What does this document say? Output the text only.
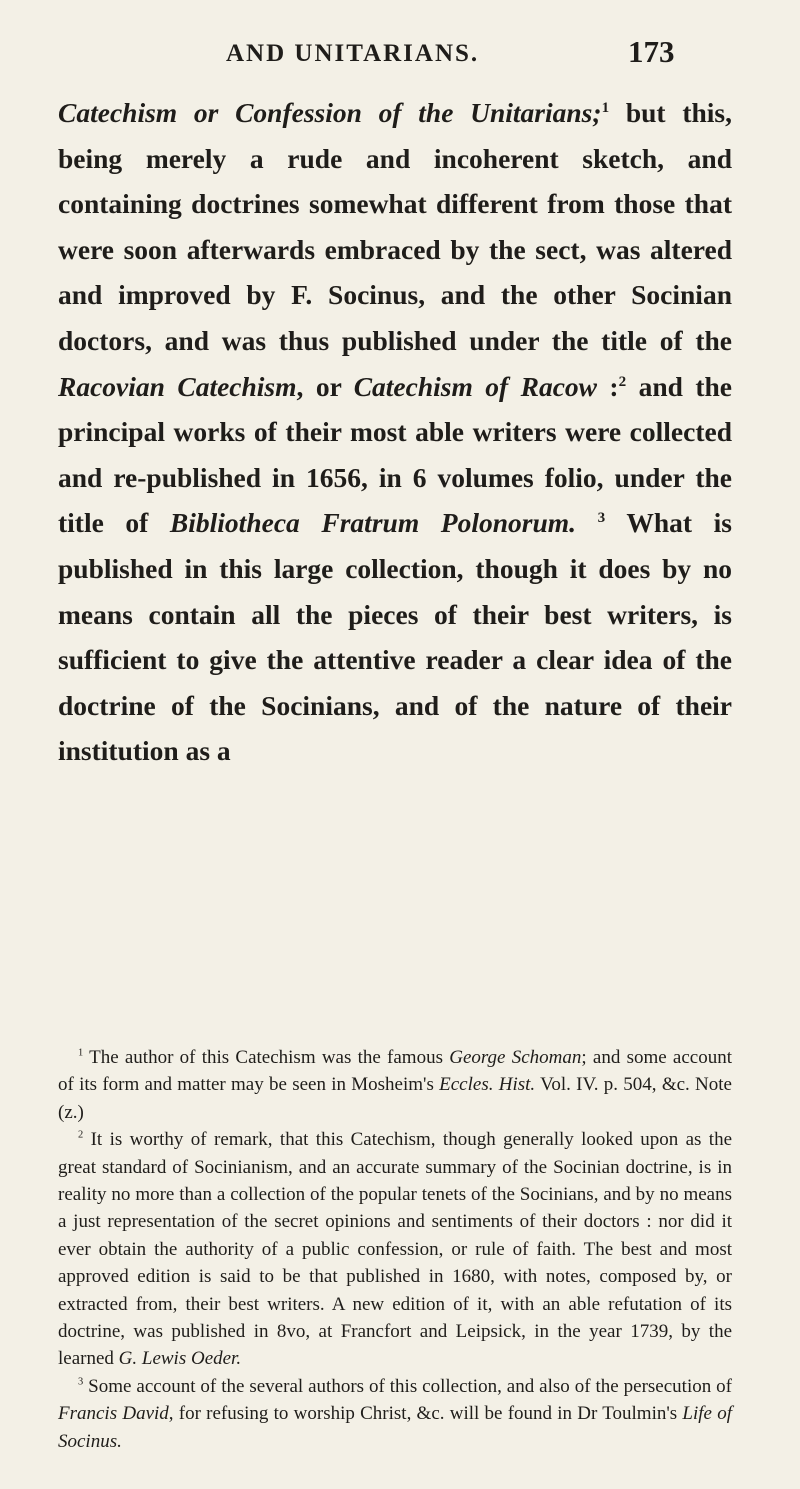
AND UNITARIANS.	173

Catechism or Confession of the Unitarians;$^1$ but this, being merely a rude and incoherent sketch, and containing doctrines somewhat different from those that were soon afterwards embraced by the sect, was altered and improved by F. Socinus, and the other Socinian doctors, and was thus published under the title of the Racovian Catechism, or Catechism of Racow :$^2$ and the principal works of their most able writers were collected and re-published in 1656, in 6 volumes folio, under the title of Bibliotheca Fratrum Polonorum. $^3$ What is published in this large collection, though it does by no means contain all the pieces of their best writers, is sufficient to give the attentive reader a clear idea of the doctrine of the Socinians, and of the nature of their institution as a

$^1$ The author of this Catechism was the famous George Schoman; and some account of its form and matter may be seen in Mosheim's Eccles. Hist. Vol. IV. p. 504, &c. Note (z.)

$^2$ It is worthy of remark, that this Catechism, though generally looked upon as the great standard of Socinianism, and an accurate summary of the Socinian doctrine, is in reality no more than a collection of the popular tenets of the Socinians, and by no means a just representation of the secret opinions and sentiments of their doctors : nor did it ever obtain the authority of a public confession, or rule of faith. The best and most approved edition is said to be that published in 1680, with notes, composed by, or extracted from, their best writers. A new edition of it, with an able refutation of its doctrine, was published in 8vo, at Francfort and Leipsick, in the year 1739, by the learned G. Lewis Oeder.

$^3$ Some account of the several authors of this collection, and also of the persecution of Francis David, for refusing to worship Christ, &c. will be found in Dr Toulmin's Life of Socinus.
